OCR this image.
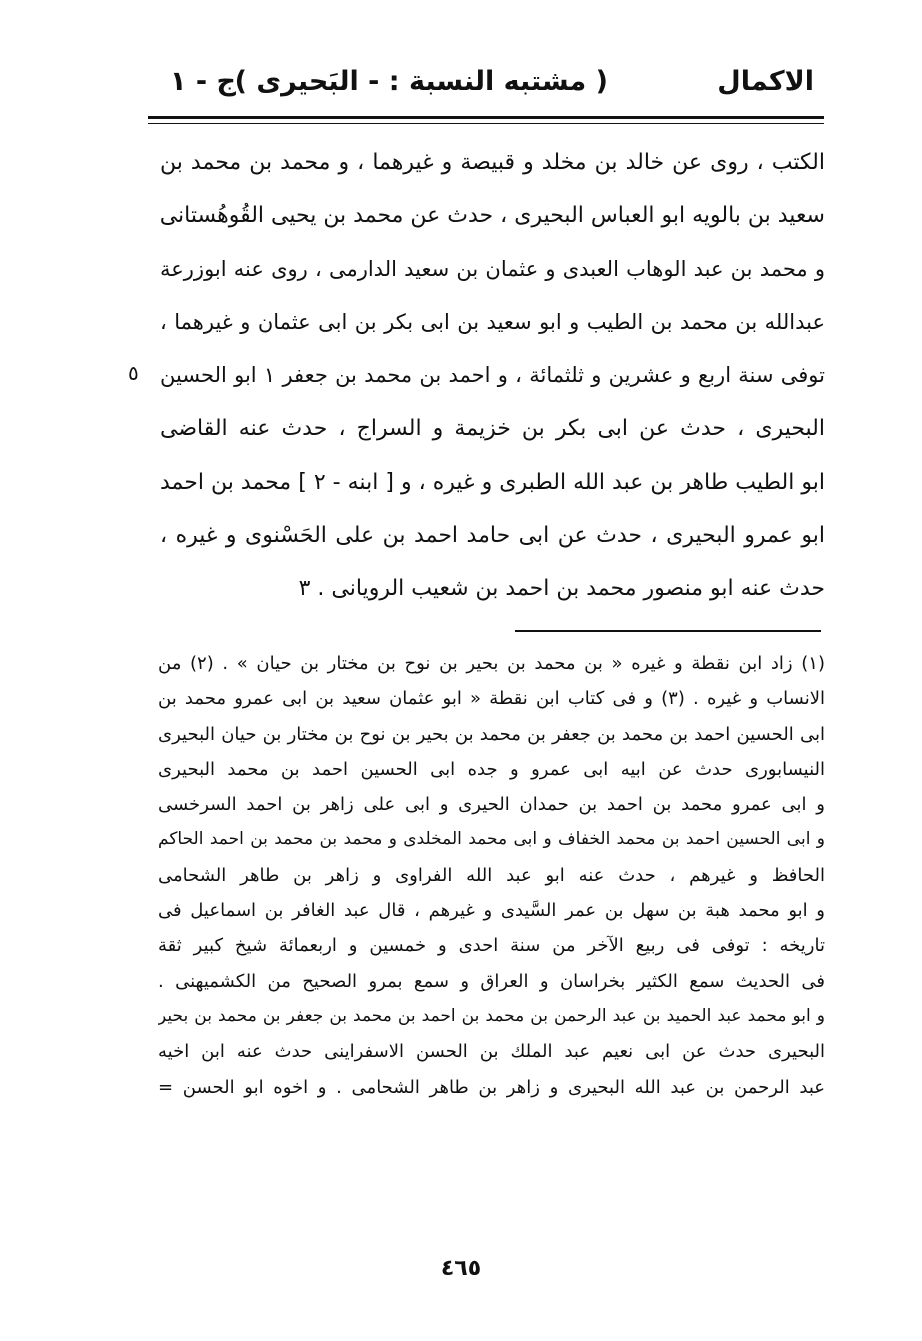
الاكمال
( مشتبه النسبة : - البَحيرى )
ج - ١
الكتب ، روى عن خالد بن مخلد و قبيصة و غيرهما ، و محمد بن محمد بن
سعيد بن بالويه ابو العباس البحيرى ، حدث عن محمد بن يحيى القُوهُستانى
و محمد بن عبد الوهاب العبدى و عثمان بن سعيد الدارمى ، روى عنه ابوزرعة
عبدالله بن محمد بن الطيب و ابو سعيد بن ابى بكر بن ابى عثمان و غيرهما ،
توفى سنة اربع و عشرين و ثلثمائة ، و احمد بن محمد بن جعفر ١ ابو الحسين
البحيرى ، حدث عن ابى بكر بن خزيمة و السراج ، حدث عنه القاضى
ابو الطيب طاهر بن عبد الله الطبرى و غيره ، و [ ابنه - ٢ ] محمد بن احمد
ابو عمرو البحيرى ، حدث عن ابى حامد احمد بن على الحَسْنوى و غيره ،
حدث عنه ابو منصور محمد بن احمد بن شعيب الرويانى . ٣
٥
(١) زاد ابن نقطة و غيره « بن محمد بن بحير بن نوح بن مختار بن حيان » . (٢) من
الانساب و غيره . (٣) و فى كتاب ابن نقطة « ابو عثمان سعيد بن ابى عمرو محمد بن
ابى الحسين احمد بن محمد بن جعفر بن محمد بن بحير بن نوح بن مختار بن حيان البحيرى
النيسابورى حدث عن ابيه ابى عمرو و جده ابى الحسين احمد بن محمد البحيرى
و ابى عمرو محمد بن احمد بن حمدان الحيرى و ابى على زاهر بن احمد السرخسى
و ابى الحسين احمد بن محمد الخفاف و ابى محمد المخلدى و محمد بن محمد بن احمد الحاكم
الحافظ و غيرهم ، حدث عنه ابو عبد الله الفراوى و زاهر بن طاهر الشحامى
و ابو محمد هبة بن سهل بن عمر السَّيدى و غيرهم ، قال عبد الغافر بن اسماعيل فى
تاريخه : توفى فى ربيع الآخر من سنة احدى و خمسين و اربعمائة شيخ كبير ثقة
فى الحديث سمع الكثير بخراسان و العراق و سمع بمرو الصحيح من الكشميهنى .
و ابو محمد عبد الحميد بن عبد الرحمن بن محمد بن احمد بن محمد بن جعفر بن محمد بن بحير
البحيرى حدث عن ابى نعيم عبد الملك بن الحسن الاسفراينى حدث عنه ابن اخيه
عبد الرحمن بن عبد الله البحيرى و زاهر بن طاهر الشحامى . و اخوه ابو الحسن =
٤٦٥
